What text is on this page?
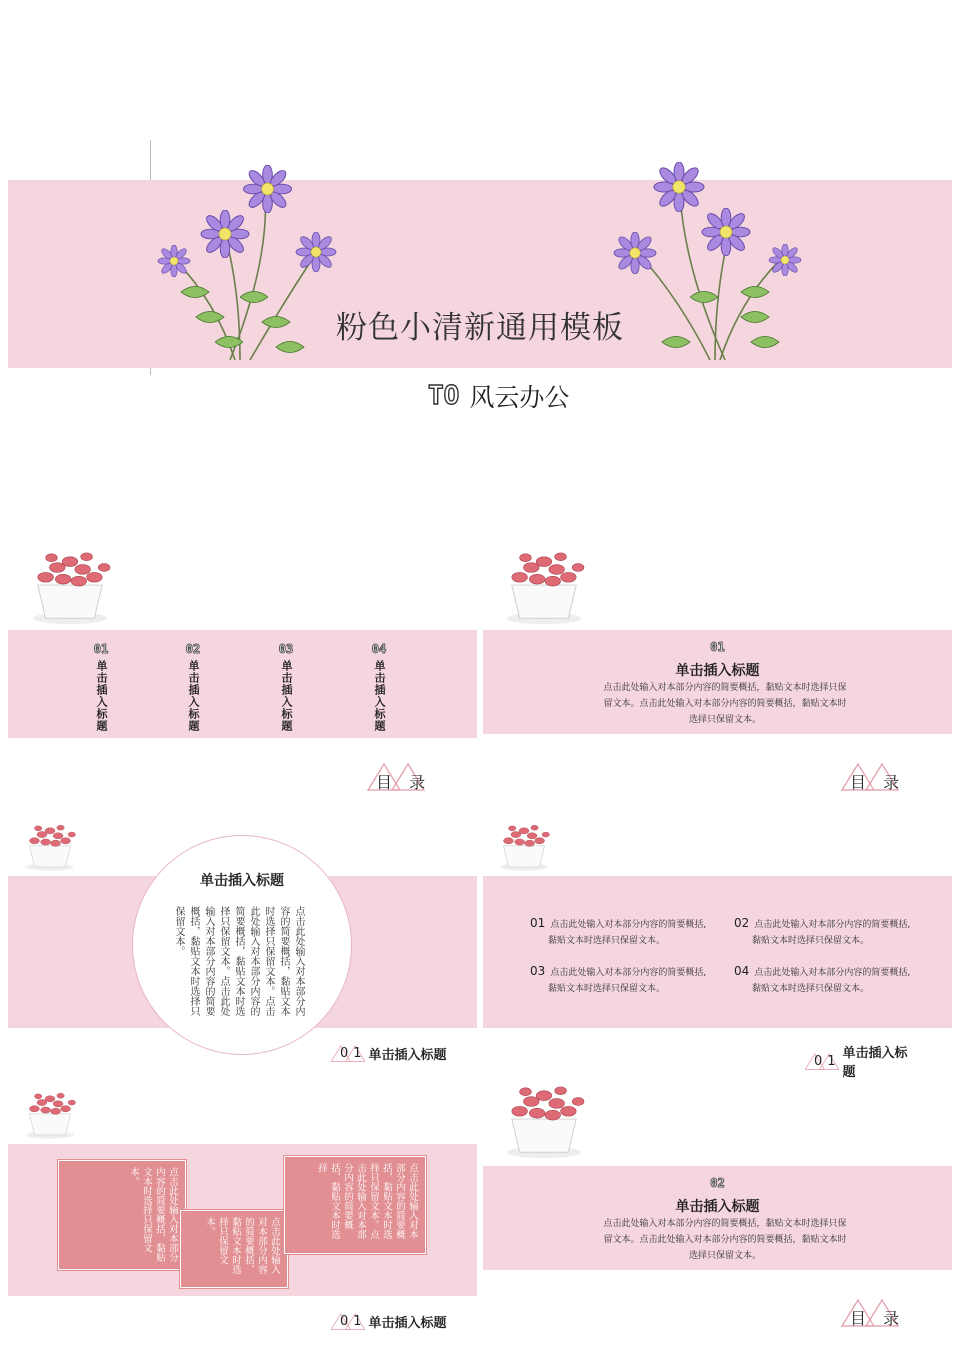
粉色小清新通用模板
TO 风云办公
01
单击插入标题
02
单击插入标题
03
单击插入标题
04
单击插入标题
目 录
01
单击插入标题
点击此处输入对本部分内容的简要概括，黏贴文本时选择只保留文本。点击此处输入对本部分内容的简要概括，黏贴文本时选择只保留文本。
目 录
单击插入标题
点击此处输入对本部分内容的简要概括，黏贴文本时选择只保留文本。点击此处输入对本部分内容的简要概括，黏贴文本时选择只保留文本。点击此处输入对本部分内容的简要概括，黏贴文本时选择只保留文本。
01 单击插入标题
01 点击此处输入对本部分内容的简要概括,
黏贴文本时选择只保留文本。
02 点击此处输入对本部分内容的简要概括,
黏贴文本时选择只保留文本。
03 点击此处输入对本部分内容的简要概括,
黏贴文本时选择只保留文本。
04 点击此处输入对本部分内容的简要概括,
黏贴文本时选择只保留文本。
01 单击插入标题
点击此处输入对本部分内容的简要概括，黏贴文本时选择只保留文本。
点击此处输入对本部分内容的简要概括，黏贴文本时选择只保留文本。	点击此处输入对本部分内容的简要概括，黏贴文本时选择只保留文本。点击此处输入对本部分内容的简要概括，黏贴文本时选择
01 单击插入标题
02
单击插入标题
点击此处输入对本部分内容的简要概括，黏贴文本时选择只保留文本。点击此处输入对本部分内容的简要概括，黏贴文本时选择只保留文本。
目 录
